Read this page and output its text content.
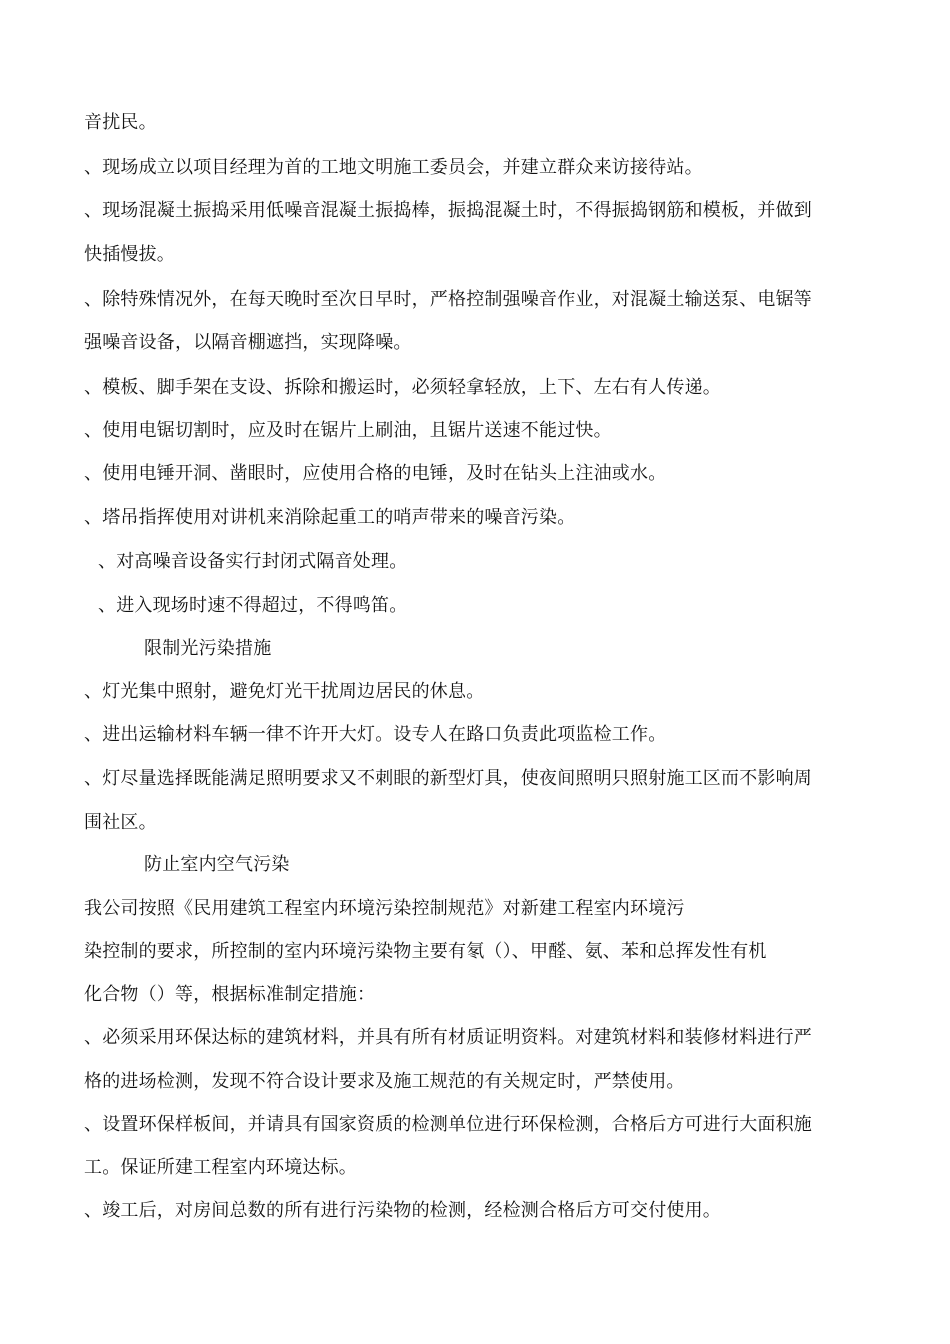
音扰民。
、现场成立以项目经理为首的工地文明施工委员会，并建立群众来访接待站。
、现场混凝土振捣采用低噪音混凝土振捣棒，振捣混凝土时，不得振捣钢筋和模板，并做到
快插慢拔。
、除特殊情况外，在每天晚时至次日早时，严格控制强噪音作业，对混凝土输送泵、电锯等
强噪音设备，以隔音棚遮挡，实现降噪。
、模板、脚手架在支设、拆除和搬运时，必须轻拿轻放，上下、左右有人传递。
、使用电锯切割时，应及时在锯片上刷油，且锯片送速不能过快。
、使用电锤开洞、凿眼时，应使用合格的电锤，及时在钻头上注油或水。
、塔吊指挥使用对讲机来消除起重工的哨声带来的噪音污染。
、对高噪音设备实行封闭式隔音处理。
、进入现场时速不得超过，不得鸣笛。
限制光污染措施
、灯光集中照射，避免灯光干扰周边居民的休息。
、进出运输材料车辆一律不许开大灯。设专人在路口负责此项监检工作。
、灯尽量选择既能满足照明要求又不刺眼的新型灯具，使夜间照明只照射施工区而不影响周
围社区。
防止室内空气污染
我公司按照《民用建筑工程室内环境污染控制规范》对新建工程室内环境污
染控制的要求，所控制的室内环境污染物主要有氡（）、甲醛、氨、苯和总挥发性有机
化合物（）等，根据标准制定措施：
、必须采用环保达标的建筑材料，并具有所有材质证明资料。对建筑材料和装修材料进行严
格的进场检测，发现不符合设计要求及施工规范的有关规定时，严禁使用。
、设置环保样板间，并请具有国家资质的检测单位进行环保检测，合格后方可进行大面积施
工。保证所建工程室内环境达标。
、竣工后，对房间总数的所有进行污染物的检测，经检测合格后方可交付使用。
